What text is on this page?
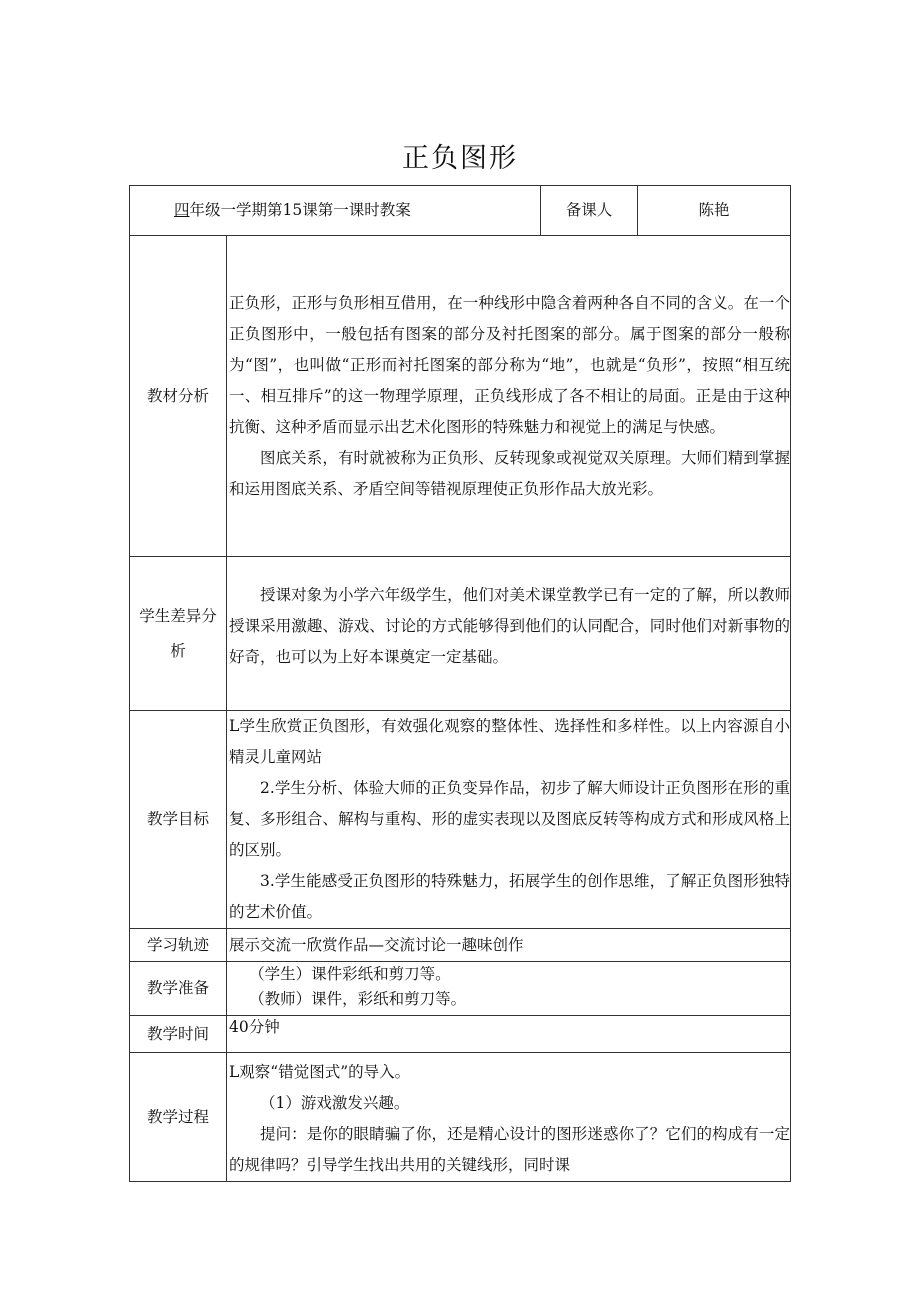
正负图形
四年级一学期第15课第一课时教案		备课人	陈艳
教材分析	正负形，正形与负形相互借用，在一种线形中隐含着两种各自不同的含义。在一个正负图形中，一般包括有图案的部分及衬托图案的部分。属于图案的部分一般称为“图”，也叫做“正形而衬托图案的部分称为“地”，也就是“负形”，按照“相互统一、相互排斥”的这一物理学原理，正负线形成了各不相让的局面。正是由于这种抗衡、这种矛盾而显示出艺术化图形的特殊魅力和视觉上的满足与快感。

图底关系，有时就被称为正负形、反转现象或视觉双关原理。大师们精到掌握和运用图底关系、矛盾空间等错视原理使正负形作品大放光彩。		

学生差异分析	授课对象为小学六年级学生，他们对美术课堂教学已有一定的了解，所以教师授课采用激趣、游戏、讨论的方式能够得到他们的认同配合，同时他们对新事物的好奇，也可以为上好本课奠定一定基础。		

教学目标	L学生欣赏正负图形，有效强化观察的整体性、选择性和多样性。以上内容源自小精灵儿童网站

2.学生分析、体验大师的正负变异作品，初步了解大师设计正负图形在形的重复、多形组合、解构与重构、形的虚实表现以及图底反转等构成方式和形成风格上的区别。

3.学生能感受正负图形的特殊魅力，拓展学生的创作思维，了解正负图形独特的艺术价值。		

学习轨迹	展示交流一欣赏作品—交流讨论一趣味创作		
教学准备	（学生）课件彩纸和剪刀等。

（教师）课件，彩纸和剪刀等。		

教学时间	40分钟		
教学过程	L观察“错觉图式”的导入。

（1）游戏激发兴趣。

提问：是你的眼睛骗了你，还是精心设计的图形迷惑你了？它们的构成有一定的规律吗？引导学生找出共用的关键线形，同时课		
